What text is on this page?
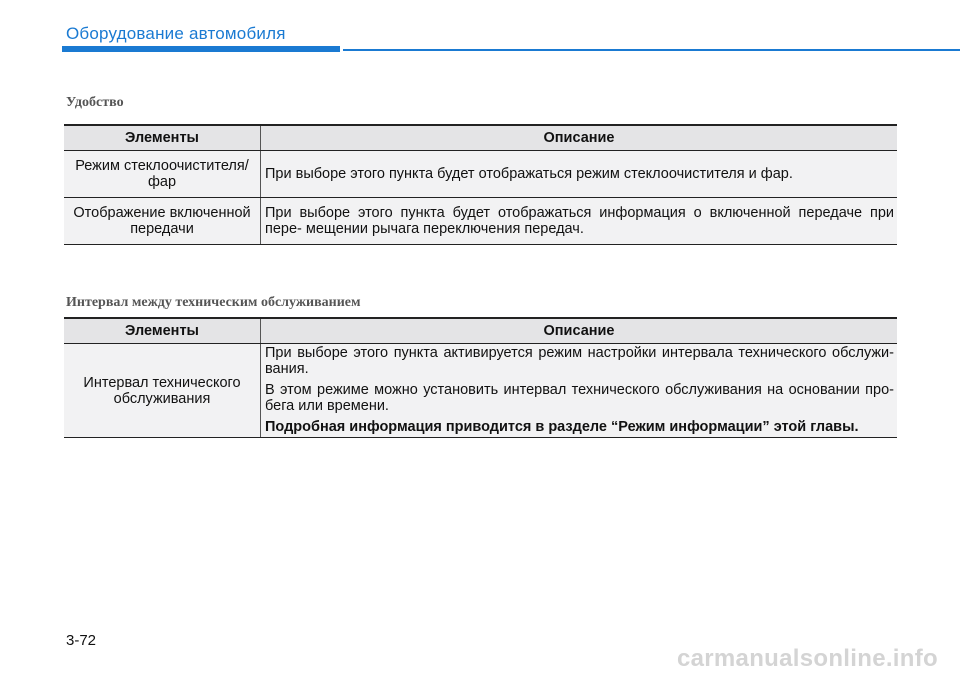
Оборудование автомобиля
Удобство
Элементы	Описание
Режим стеклоочистителя/ фар	При выборе этого пункта будет отображаться режим стеклоочистителя и фар.

Отображение включенной передачи	При выборе этого пункта будет отображаться информация о включенной передаче при пере- мещении рычага переключения передач.

Интервал между техническим обслуживанием
Элементы	Описание
Интервал технического обслуживания	При выборе этого пункта активируется режим настройки интервала технического обслужи- вания.

В этом режиме можно установить интервал технического обслуживания на основании про- бега или времени.

Подробная информация приводится в разделе “Режим информации” этой главы.

3-72
carmanualsonline.info
